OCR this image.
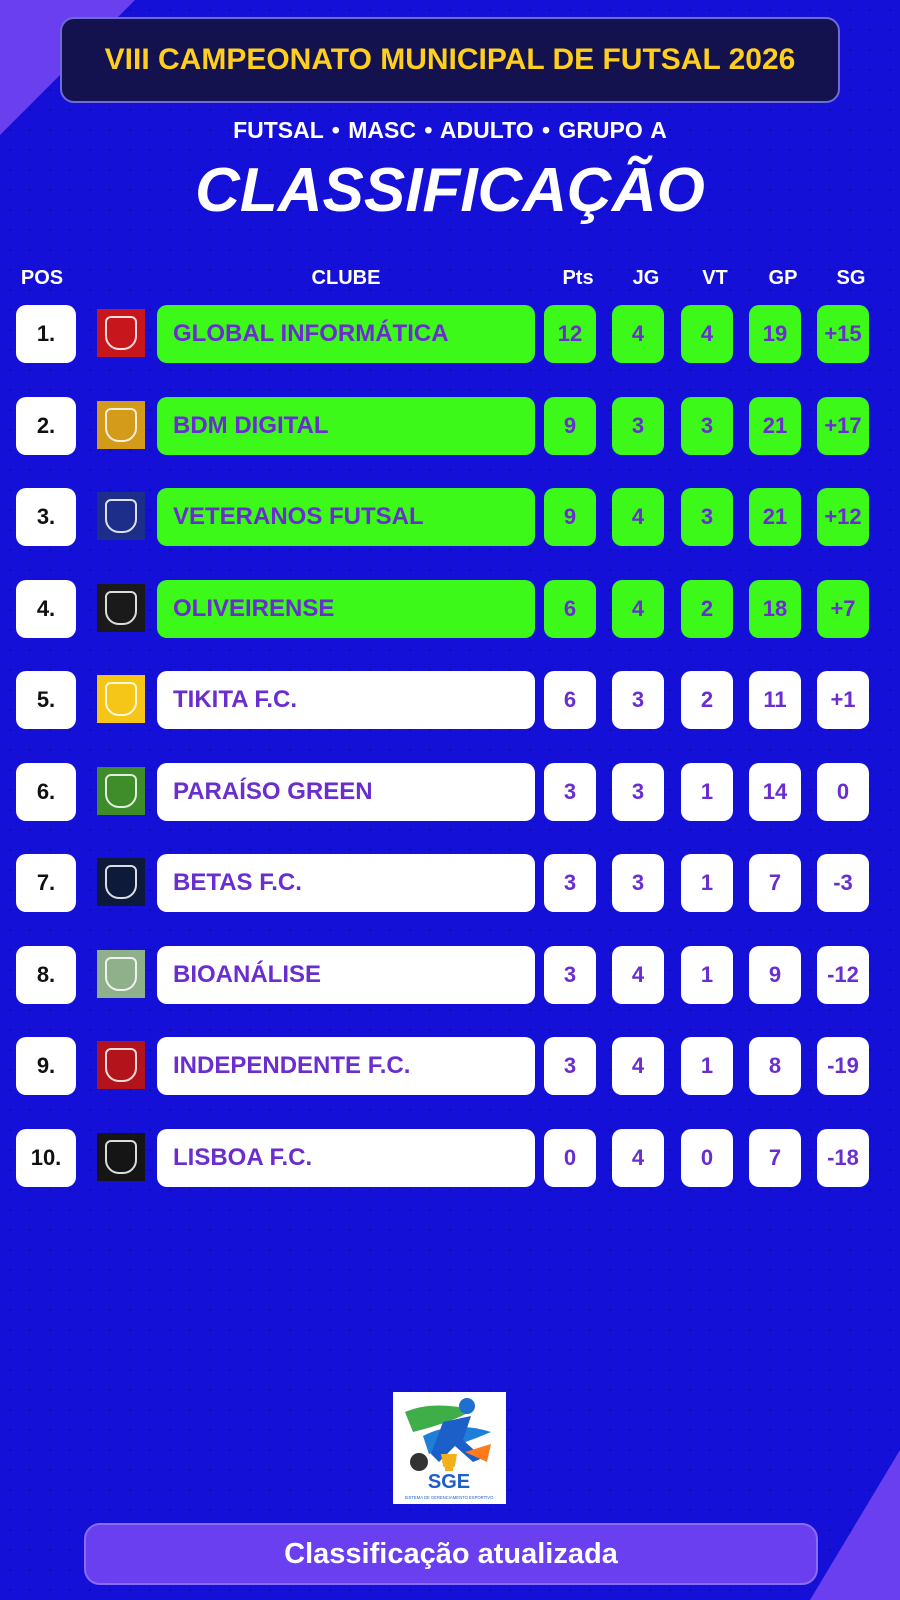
VIII CAMPEONATO MUNICIPAL DE FUTSAL 2026
FUTSAL • MASC • ADULTO • GRUPO A
CLASSIFICAÇÃO
POS	CLUBE	Pts	JG	VT	GP	SG
1.	GLOBAL INFORMÁTICA	12	4	4	19	+15
2.	BDM DIGITAL	9	3	3	21	+17
3.	VETERANOS FUTSAL	9	4	3	21	+12
4.	OLIVEIRENSE	6	4	2	18	+7
5.	TIKITA F.C.	6	3	2	11	+1
6.	PARAÍSO GREEN	3	3	1	14	0
7.	BETAS F.C.	3	3	1	7	-3
8.	BIOANÁLISE	3	4	1	9	-12
9.	INDEPENDENTE F.C.	3	4	1	8	-19
10.	LISBOA F.C.	0	4	0	7	-18
SGE
SISTEMA DE GERENCIAMENTO ESPORTIVO
Classificação atualizada
